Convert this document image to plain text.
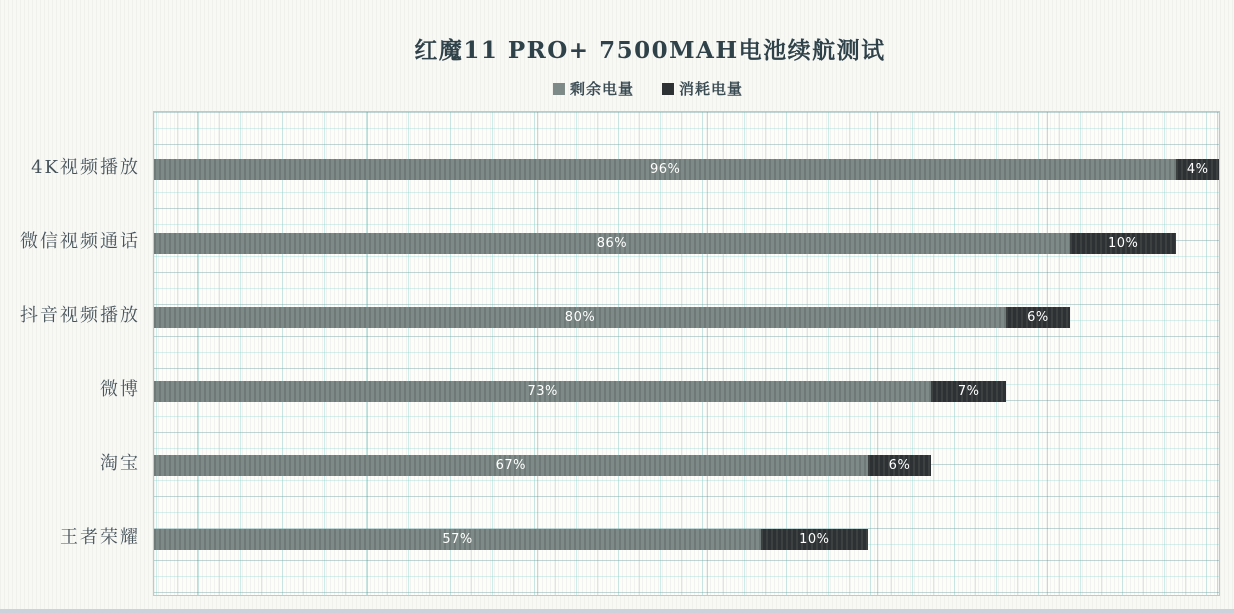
红魔11 PRO+ 7500MAH电池续航测试
剩余电量	消耗电量
96%	4%
86%	10%
80%	6%
73%	7%
67%	6%
57%	10%
4K视频播放
微信视频通话
抖音视频播放
微博
淘宝
王者荣耀
